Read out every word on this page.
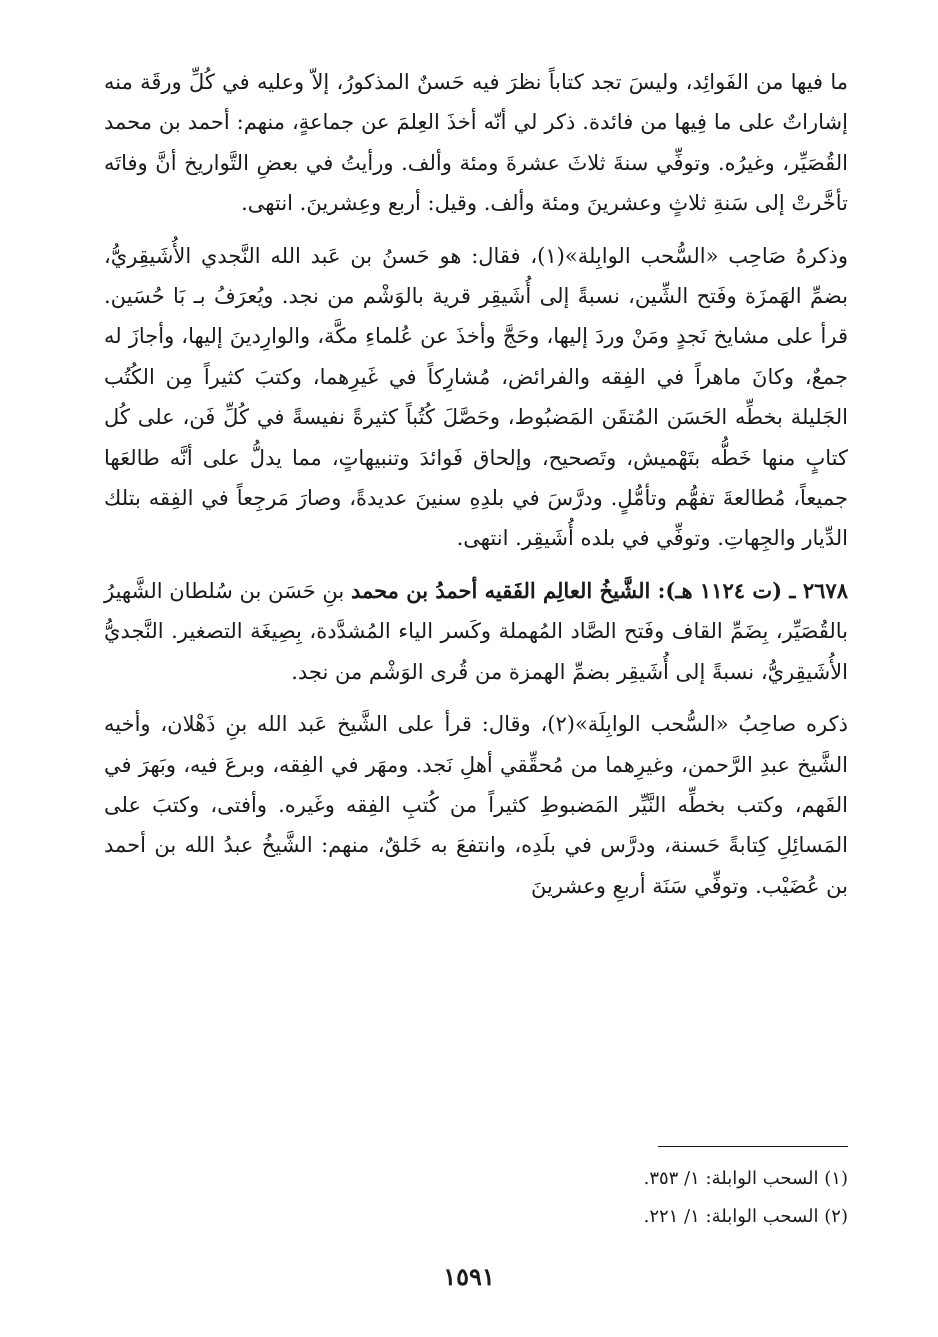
ما فيها من الفَوائِد، وليسَ تجد كتاباً نظرَ فيه حَسنٌ المذكورُ، إلاّ وعليه في كُلِّ ورقَة منه إشاراتٌ على ما فِيها من فائدة. ذكر لي أنّه أخذَ العِلمَ عن جماعةٍ، منهم: أحمد بن محمد القُصَيِّر، وغيرُه. وتوفِّي سنةَ ثلاثَ عشرةَ ومئة وألف. ورأيتُ في بعضِ التَّواريخ أنَّ وفاتَه تأخَّرتْ إلى سَنةِ ثلاثٍ وعشرينَ ومئة وألف. وقيل: أربع وعِشرينَ. انتهى.

وذكرهُ صَاحِب «السُّحب الوابِلة»(١)، فقال: هو حَسنُ بن عَبد الله النَّجدي الأُشَيقِريُّ، بضمِّ الهَمزَة وفَتح الشِّين، نسبةً إلى أُشَيقِر قرية بالوَشْم من نجد. ويُعرَفُ بـ بَا حُسَين. قرأ على مشايخ نَجدٍ ومَنْ وردَ إليها، وحَجَّ وأخذَ عن عُلماءِ مكَّة، والوارِدينَ إليها، وأجازَ له جمعٌ، وكانَ ماهراً في الفِقه والفرائض، مُشارِكاً في غَيرِهما، وكتبَ كثيراً مِن الكُتُب الجَليلة بخطِّه الحَسَن المُتقَن المَضبُوط، وحَصَّلَ كُتُباً كثيرةً نفيسةً في كُلِّ فَن، على كُل كتابٍ منها خَطُّه بتَهْميش، وتَصحيح، وإلحاق فَوائدَ وتنبيهاتٍ، مما يدلُّ على أنَّه طالعَها جميعاً، مُطالعةَ تفهُّم وتأمُّلٍ. ودرَّسَ في بلدِهِ سنينَ عديدةً، وصارَ مَرجِعاً في الفِقه بتلك الدِّيار والجِهاتِ. وتوفِّي في بلده أُشَيقِر. انتهى.

٢٦٧٨ ـ (ت ١١٢٤ هـ): الشَّيخُ العالِم الفَقيه أحمدُ بن محمد بنِ حَسَن بن سُلطان الشَّهيرُ بالقُصَيِّر، بِضَمِّ القاف وفَتح الصَّاد المُهملة وكَسر الياء المُشدَّدة، بِصِيغَة التصغير. النَّجديُّ الأُشَيقِريُّ، نسبةً إلى أُشَيقِر بضمِّ الهمزة من قُرى الوَشْم من نجد.

ذكره صاحِبُ «السُّحب الوابِلَة»(٢)، وقال: قرأ على الشَّيخ عَبد الله بنِ ذَهْلان، وأخيه الشَّيخ عبدِ الرَّحمن، وغيرِهما من مُحقِّقي أهلِ نَجد. ومهَر في الفِقه، وبرعَ فيه، وبَهرَ في الفَهم، وكتب بخطِّه النَّيِّر المَضبوطِ كثيراً من كُتبِ الفِقه وغَيره. وأفتى، وكتبَ على المَسائِلِ كِتابةً حَسنة، ودرَّس في بلَدِه، وانتفعَ به خَلقٌ، منهم: الشَّيخُ عبدُ الله بن أحمد بن عُضَيْب. وتوفِّي سَنَة أربعِ وعشرينَ

(١) السحب الوابلة: ١/ ٣٥٣.

(٢) السحب الوابلة: ١/ ٢٢١.

١٥٩١
